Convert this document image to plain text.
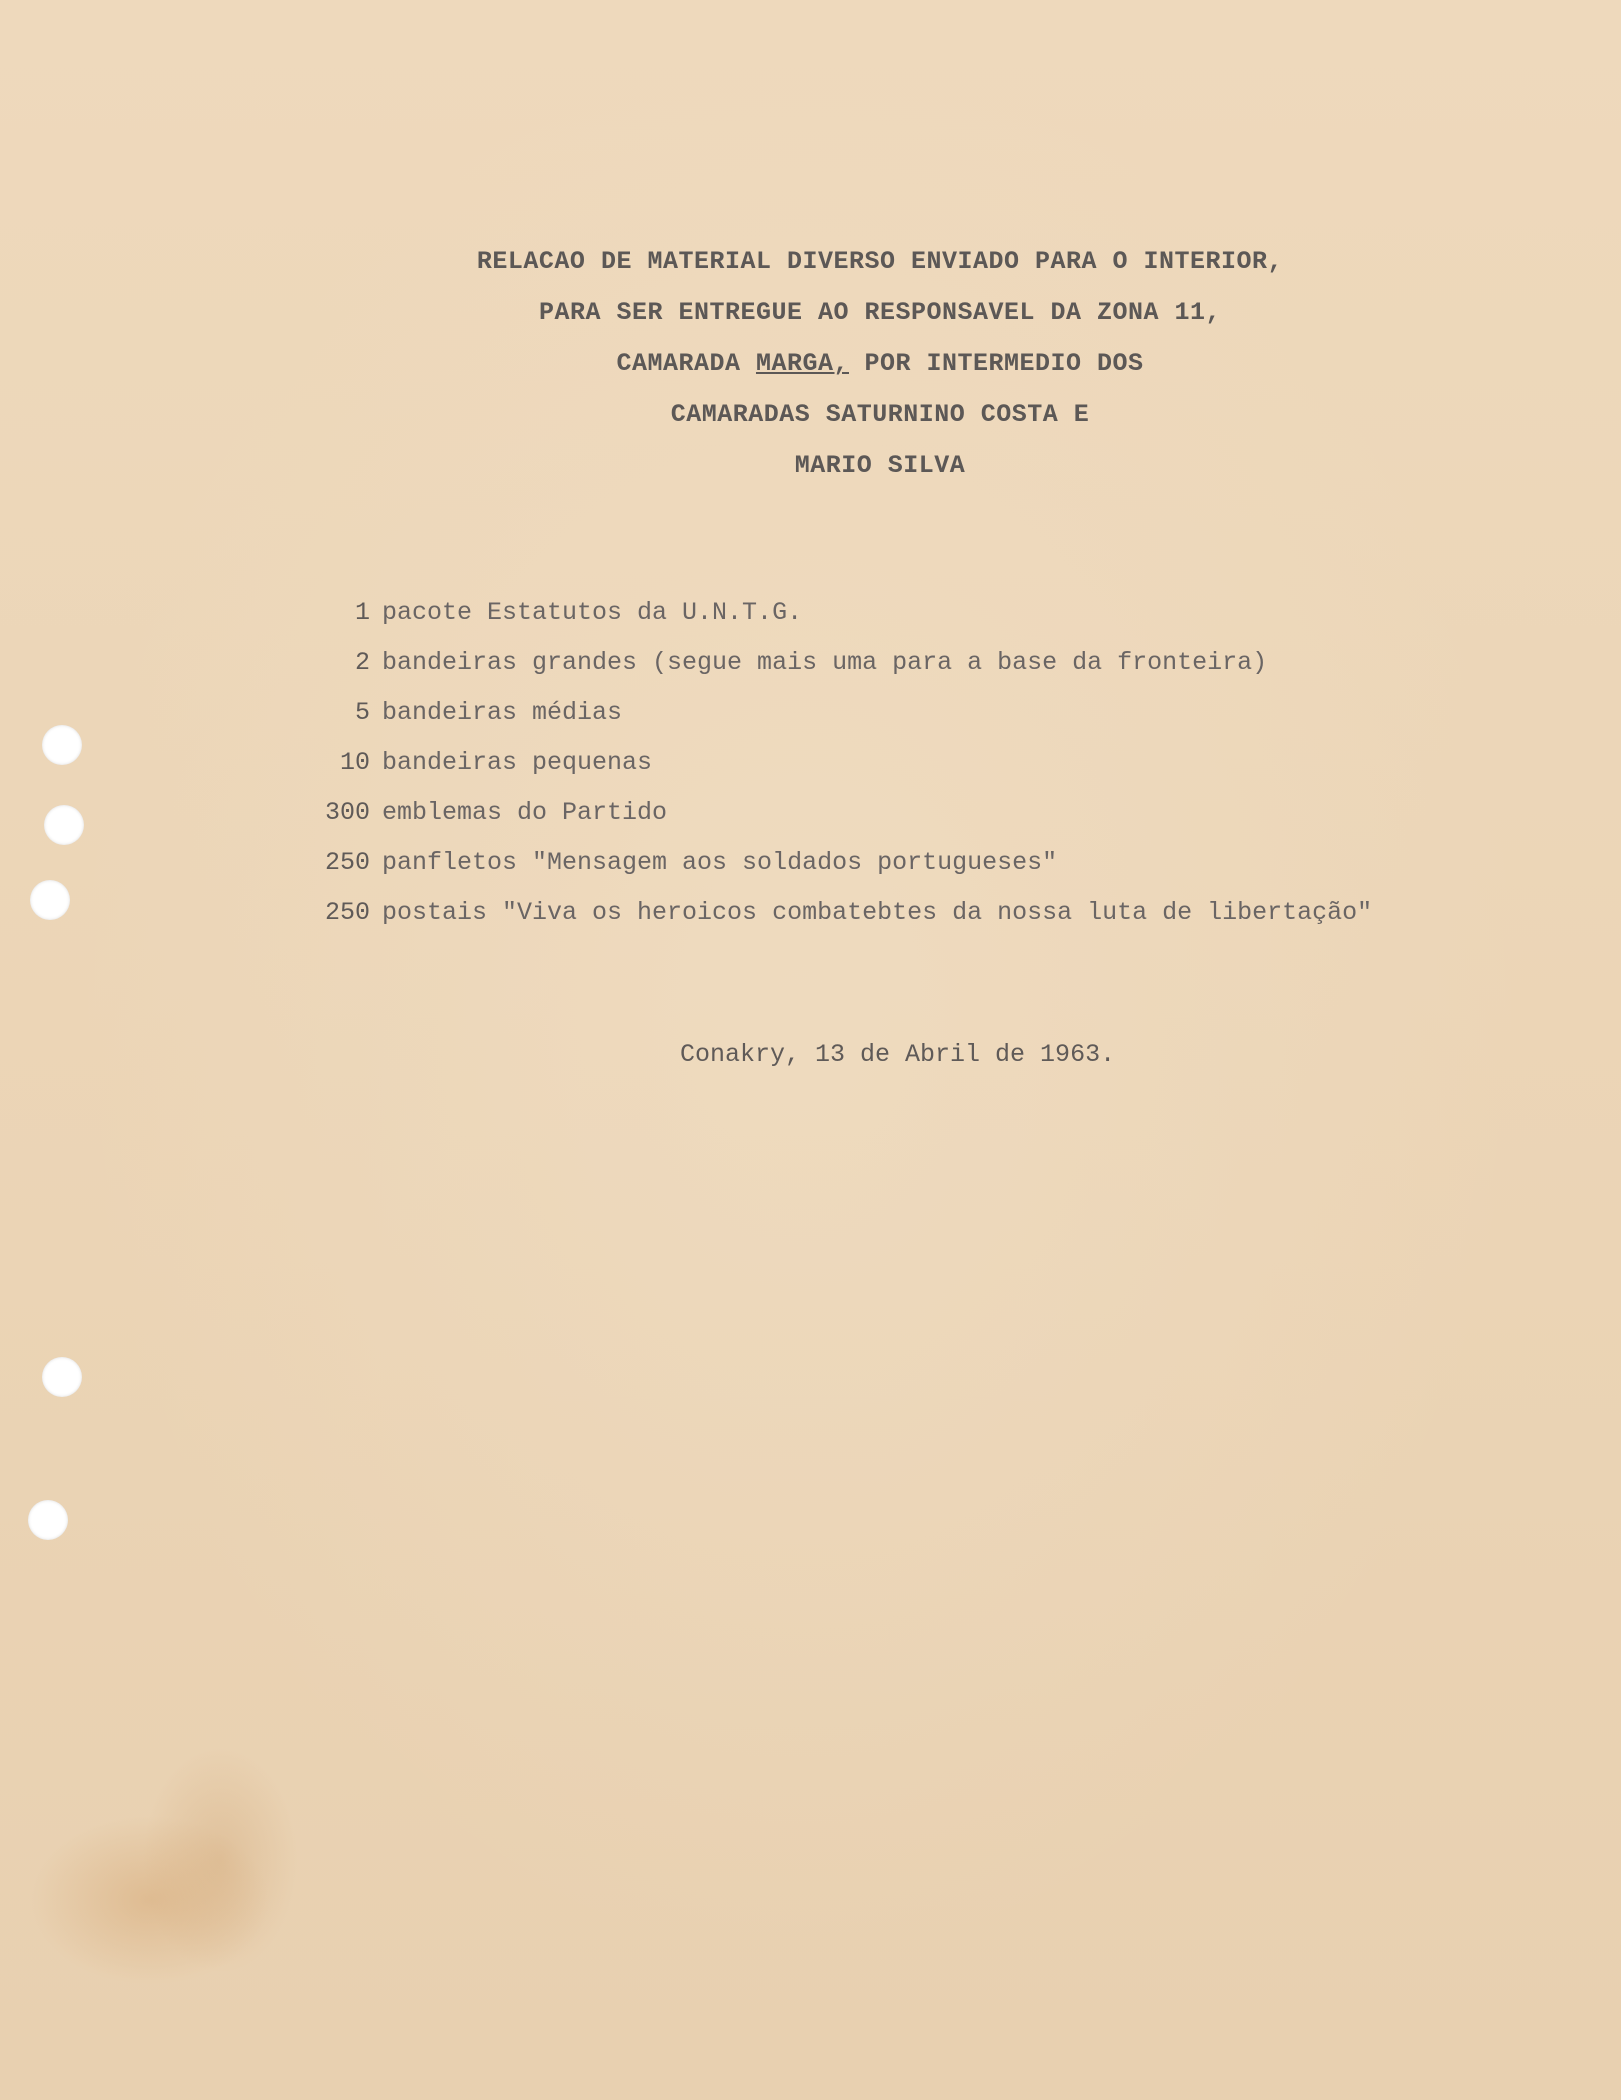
RELACAO DE MATERIAL DIVERSO ENVIADO PARA O INTERIOR,
PARA SER ENTREGUE AO RESPONSAVEL DA ZONA 11,
CAMARADA MARGA, POR INTERMEDIO DOS
CAMARADAS SATURNINO COSTA E
MARIO SILVA
1 pacote Estatutos da U.N.T.G.
2 bandeiras grandes (segue mais uma para a base da fronteira)
5 bandeiras médias
10 bandeiras pequenas
300 emblemas do Partido
250 panfletos "Mensagem aos soldados portugueses"
250 postais "Viva os heroicos combatebtes da nossa luta de libertação"
Conakry, 13 de Abril de 1963.
